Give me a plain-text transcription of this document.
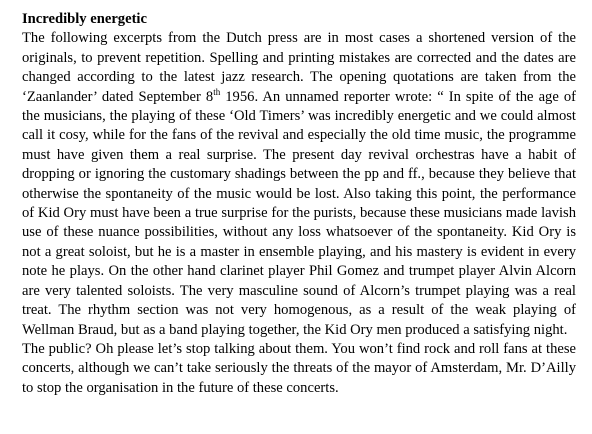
Incredibly energetic

The following excerpts from the Dutch press are in most cases a shortened version of the originals, to prevent repetition. Spelling and printing mistakes are corrected and the dates are changed according to the latest jazz research. The opening quotations are taken from the ‘Zaanlander’ dated September 8th 1956. An unnamed reporter wrote: “ In spite of the age of the musicians, the playing of these ‘Old Timers’ was incredibly energetic and we could almost call it cosy, while for the fans of the revival and especially the old time music, the programme must have given them a real surprise. The present day revival orchestras have a habit of dropping or ignoring the customary shadings between the pp and ff., because they believe that otherwise the spontaneity of the music would be lost. Also taking this point, the performance of Kid Ory must have been a true surprise for the purists, because these musicians made lavish use of these nuance possibilities, without any loss whatsoever of the spontaneity. Kid Ory is not a great soloist, but he is a master in ensemble playing, and his mastery is evident in every note he plays. On the other hand clarinet player Phil Gomez and trumpet player Alvin Alcorn are very talented soloists. The very masculine sound of Alcorn’s trumpet playing was a real treat. The rhythm section was not very homogenous, as a result of the weak playing of Wellman Braud, but as a band playing together, the Kid Ory men produced a satisfying night.

The public? Oh please let’s stop talking about them. You won’t find rock and roll fans at these concerts, although we can’t take seriously the threats of the mayor of Amsterdam, Mr. D’Ailly to stop the organisation in the future of these concerts.
